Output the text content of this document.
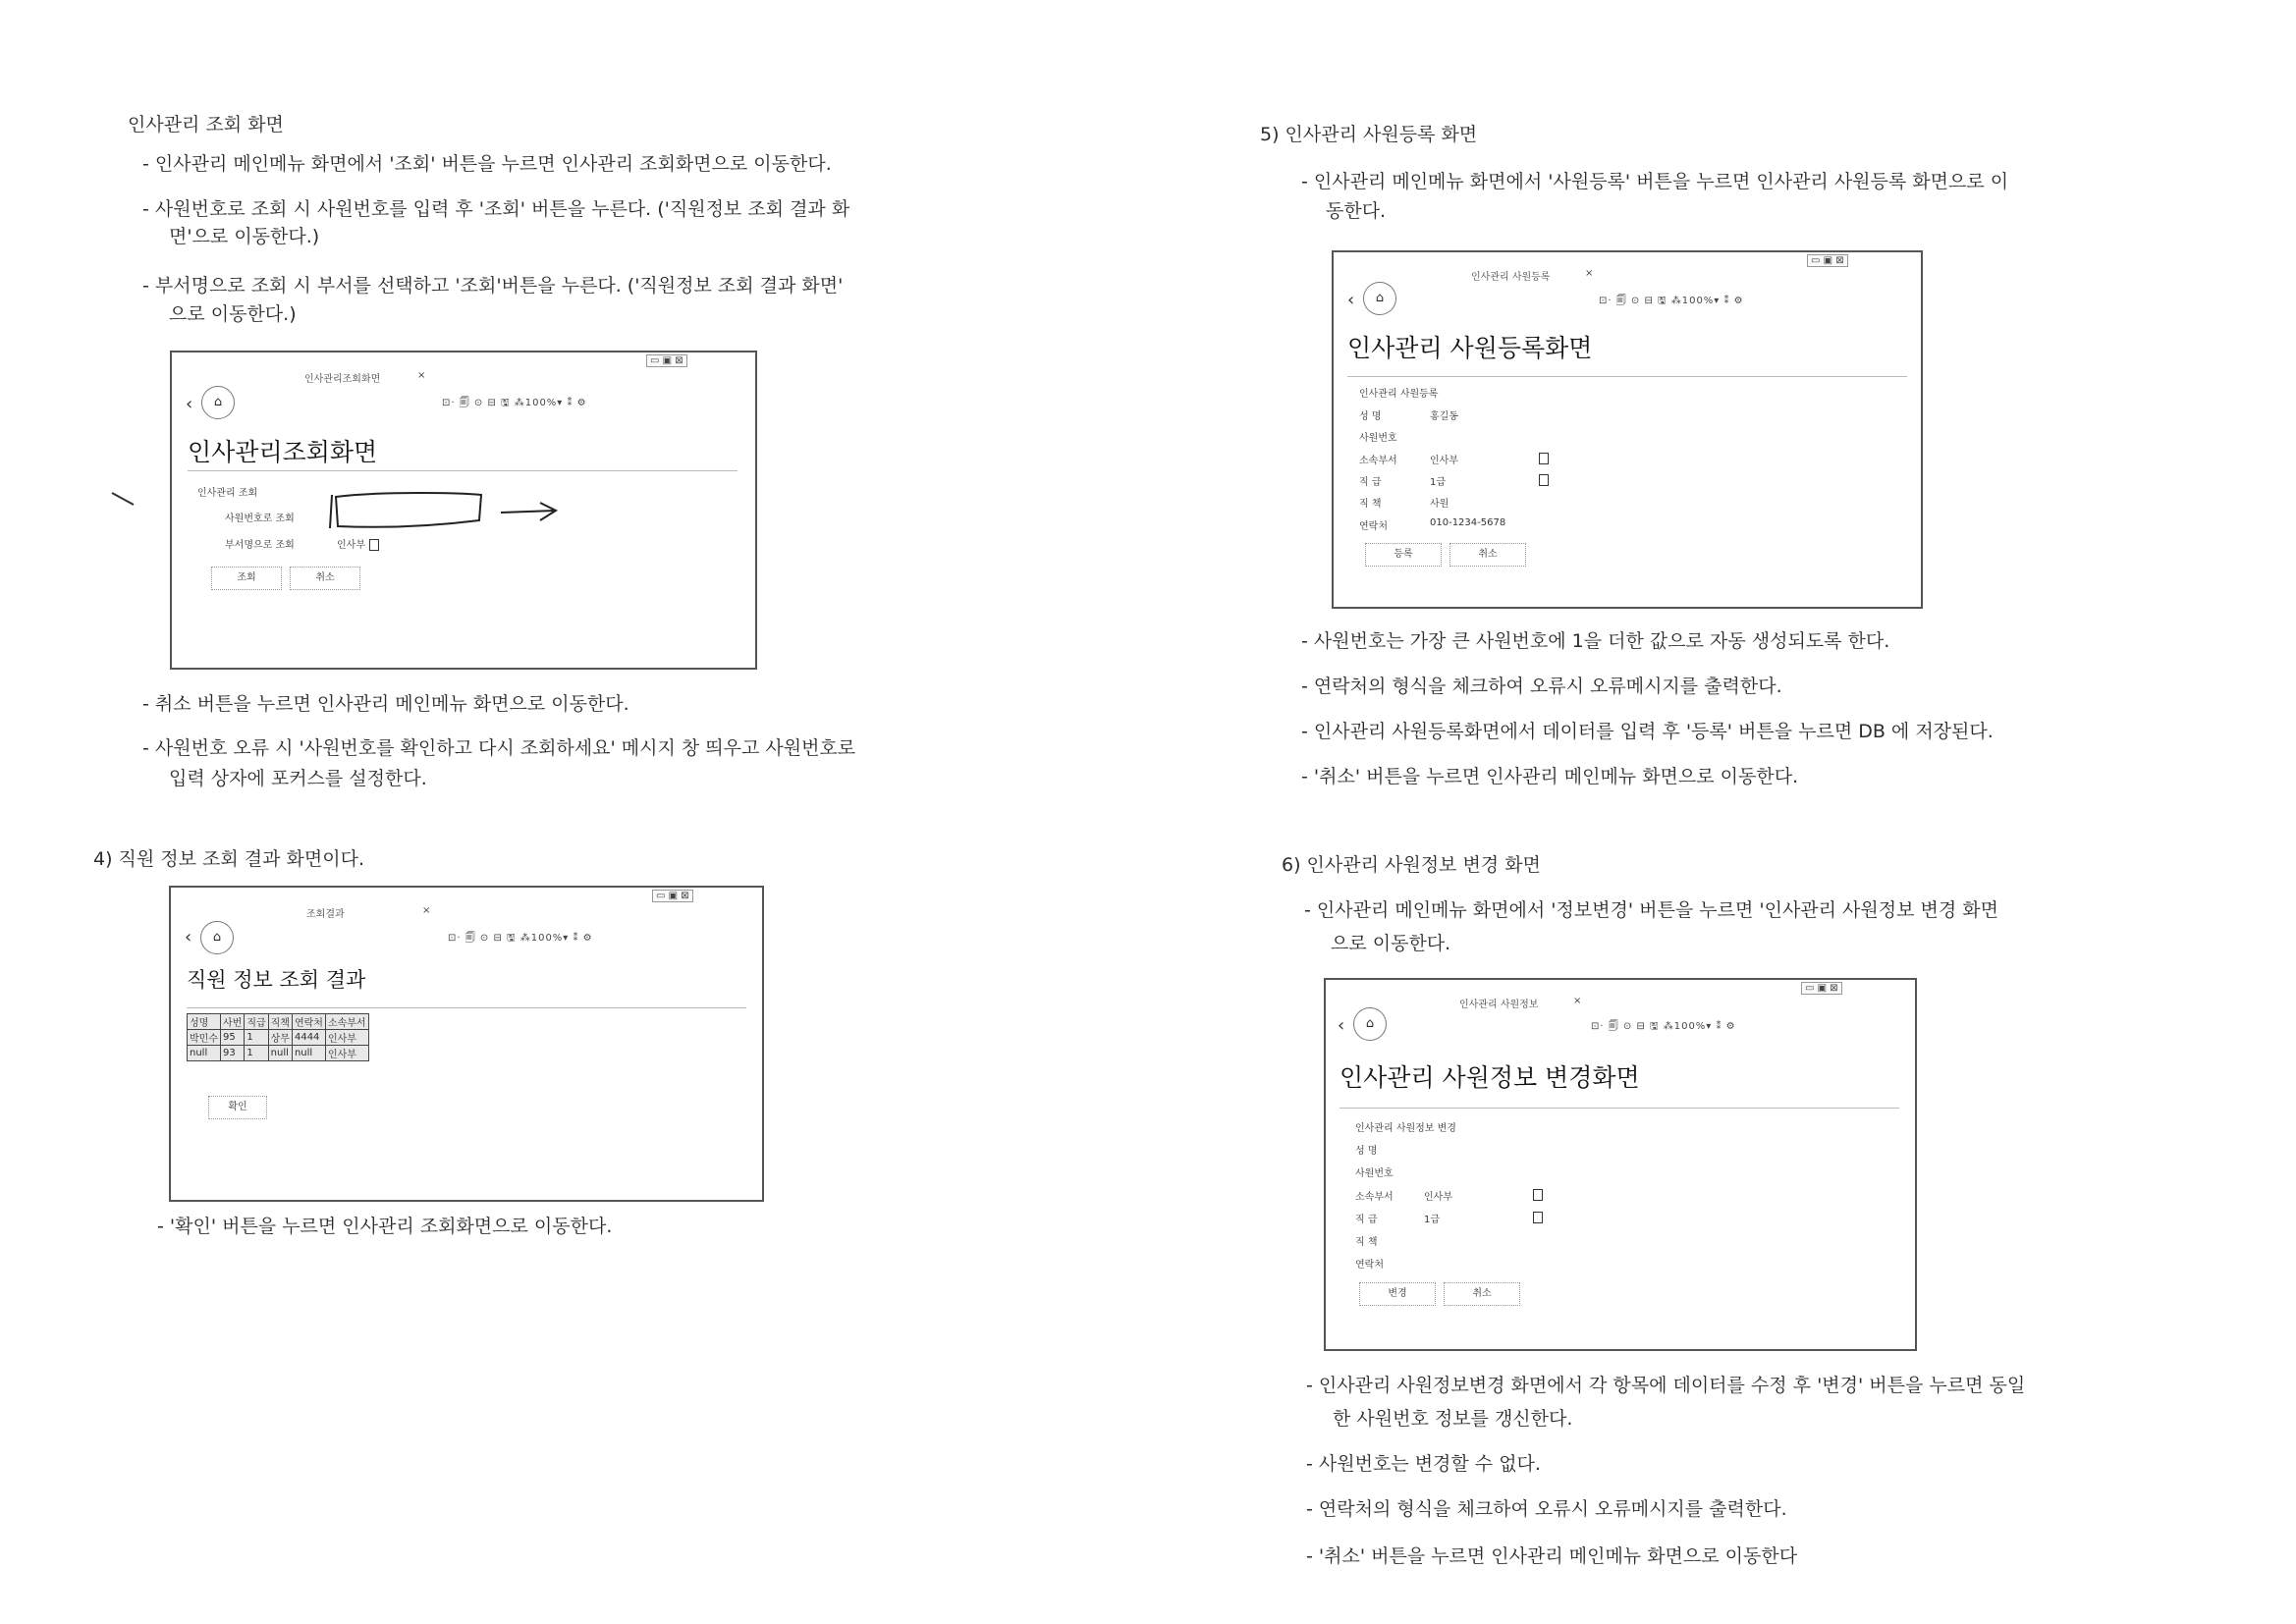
인사관리 조회 화면

- 인사관리 메인메뉴 화면에서 '조회' 버튼을 누르면 인사관리 조회화면으로 이동한다.

- 사원번호로 조회 시 사원번호를 입력 후 '조회' 버튼을 누른다. ('직원정보 조회 결과 화

면'으로 이동한다.)

- 부서명으로 조회 시 부서를 선택하고 '조회'버튼을 누른다. ('직원정보 조회 결과 화면'

으로 이동한다.)

인사관리조회화면	×
▭ ▣ ⊠
‹	⌂	⊡· 🗐 ⊙ ⊟ 🖫 ⁂100%▾ ⁑ ⚙
인사관리조회화면
인사관리 조회
사원번호로 조회
부서명으로 조회	인사부
조회	취소

- 취소 버튼을 누르면 인사관리 메인메뉴 화면으로 이동한다.

- 사원번호 오류 시 '사원번호를 확인하고 다시 조회하세요' 메시지 창 띄우고 사원번호로

입력 상자에 포커스를 설정한다.

4) 직원 정보 조회 결과 화면이다.

조회결과	×
▭ ▣ ⊠
‹	⌂	⊡· 🗐 ⊙ ⊟ 🖫 ⁂100%▾ ⁑ ⚙
직원 정보 조회 결과
성명	사번	직급	직책	연락처	소속부서
박민수	95	1	상무	4444	인사부
null	93	1	null	null	인사부
확인

- '확인' 버튼을 누르면 인사관리 조회화면으로 이동한다.

5) 인사관리 사원등록 화면

- 인사관리 메인메뉴 화면에서 '사원등록' 버튼을 누르면 인사관리 사원등록 화면으로 이

동한다.

인사관리 사원등록	×
▭ ▣ ⊠
‹	⌂	⊡· 🗐 ⊙ ⊟ 🖫 ⁂100%▾ ⁑ ⚙
인사관리 사원등록화면
인사관리 사원등록
성 명	홍길동
사원번호
소속부서	인사부
직 급	1급
직 책	사원
연락처	010-1234-5678
등록	취소

- 사원번호는 가장 큰 사원번호에 1을 더한 값으로 자동 생성되도록 한다.

- 연락처의 형식을 체크하여 오류시 오류메시지를 출력한다.

- 인사관리 사원등록화면에서 데이터를 입력 후 '등록' 버튼을 누르면 DB 에 저장된다.

- '취소' 버튼을 누르면 인사관리 메인메뉴 화면으로 이동한다.

6) 인사관리 사원정보 변경 화면

- 인사관리 메인메뉴 화면에서 '정보변경' 버튼을 누르면 '인사관리 사원정보 변경 화면

으로 이동한다.

인사관리 사원정보	×
▭ ▣ ⊠
‹	⌂	⊡· 🗐 ⊙ ⊟ 🖫 ⁂100%▾ ⁑ ⚙
인사관리 사원정보 변경화면
인사관리 사원정보 변경
성 명
사원번호
소속부서	인사부
직 급	1급
직 책
연락처
변경	취소

- 인사관리 사원정보변경 화면에서 각 항목에 데이터를 수정 후 '변경' 버튼을 누르면 동일

한 사원번호 정보를 갱신한다.

- 사원번호는 변경할 수 없다.

- 연락처의 형식을 체크하여 오류시 오류메시지를 출력한다.

- '취소' 버튼을 누르면 인사관리 메인메뉴 화면으로 이동한다
